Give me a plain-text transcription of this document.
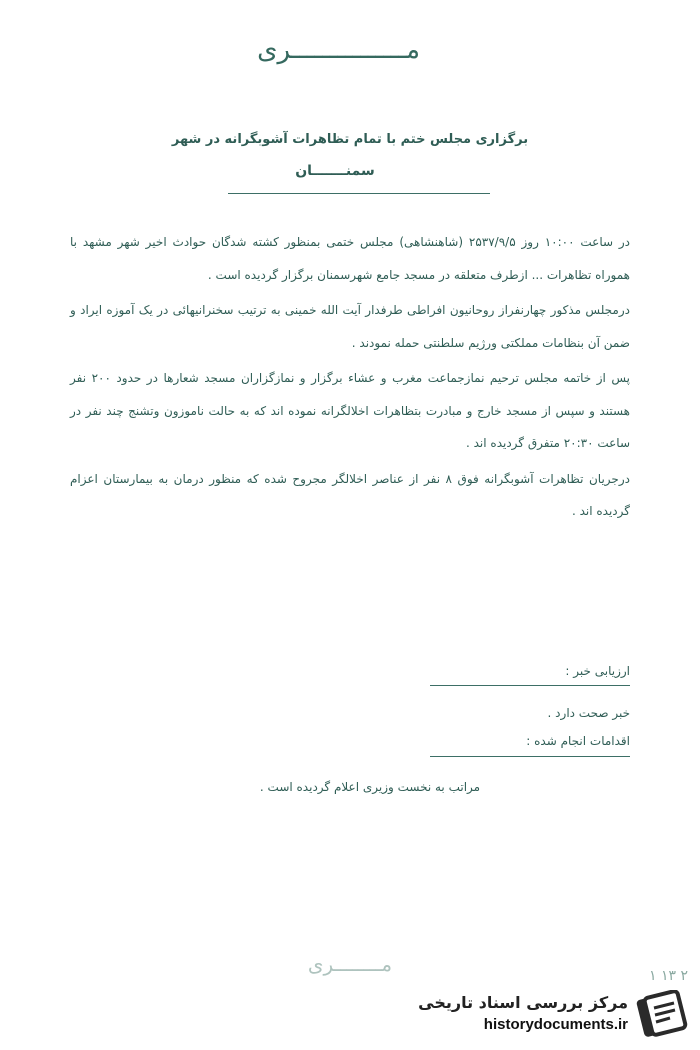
مـــــــــــــــری
برگزاری مجلس ختم با تمام تظاهرات آشوبگرانه در شهر
سمنـــــــان

در ساعت ۱۰:۰۰ روز ۲۵۳۷/۹/۵ (شاهنشاهی) مجلس ختمی بمنظور کشته شدگان حوادث اخیر شهر مشهد با هموراه تظاهرات ... ازطرف متعلقه در مسجد جامع شهرسمنان برگزار گردیده است .

درمجلس مذکور چهارنفراز روحانیون افراطی طرفدار آیت الله خمینی به ترتیب سخنرانیهائی در یک آموزه ایراد و ضمن آن بنظامات مملکتی ورژیم سلطنتی حمله نمودند .

پس از خاتمه مجلس ترحیم نمازجماعت مغرب و عشاء برگزار و نمازگزاران مسجد شعارها در حدود ۲۰۰ نفر هستند و سپس از مسجد خارج و مبادرت بتظاهرات اخلالگرانه نموده اند که به حالت ناموزون وتشنج چند نفر در ساعت ۲۰:۳۰ متفرق گردیده اند .

درجریان تظاهرات آشوبگرانه فوق ۸ نفر از عناصر اخلالگر مجروح شده که منظور درمان به بیمارستان اعزام گردیده اند .

ارزیابی خبر :
خبر صحت دارد .
اقدامات انجام شده :
مراتب به نخست وزیری اعلام گردیده است .
مــــــــری	۲ ۱۳ ۱
مرکز بررسی اسناد تاریخی
historydocuments.ir
